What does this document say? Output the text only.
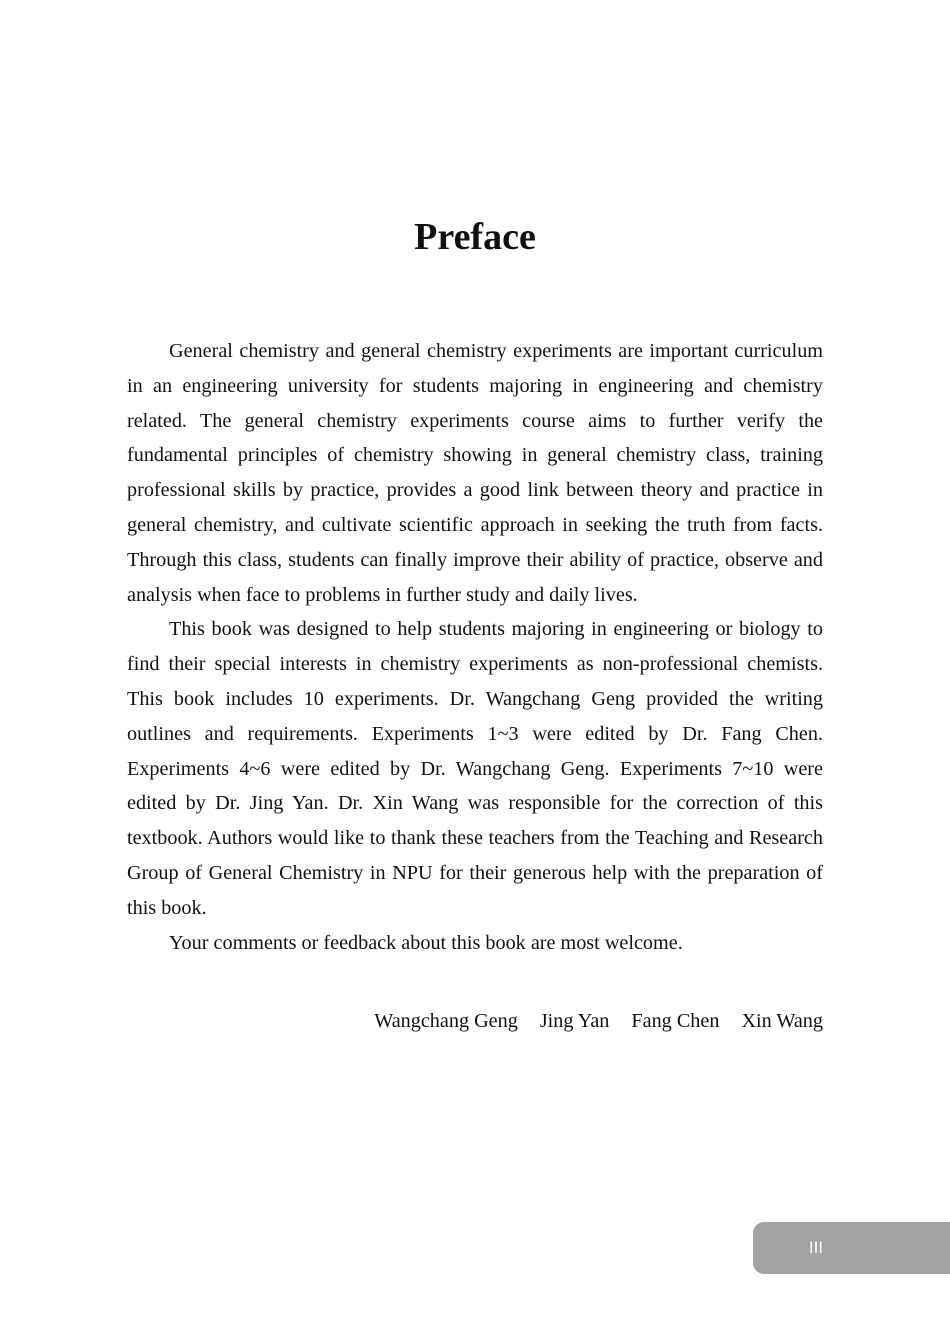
Preface

General chemistry and general chemistry experiments are important curriculum in an engineering university for students majoring in engineering and chemistry related. The general chemistry experiments course aims to further verify the fundamental principles of chemistry showing in general chemistry class, training professional skills by practice, provides a good link between theory and practice in general chemistry, and cultivate scientific approach in seeking the truth from facts. Through this class, students can finally improve their ability of practice, observe and analysis when face to problems in further study and daily lives.

This book was designed to help students majoring in engineering or biology to find their special interests in chemistry experiments as non-professional chemists. This book includes 10 experiments. Dr. Wangchang Geng provided the writing outlines and requirements. Experiments 1~3 were edited by Dr. Fang Chen. Experiments 4~6 were edited by Dr. Wangchang Geng. Experiments 7~10 were edited by Dr. Jing Yan. Dr. Xin Wang was responsible for the correction of this textbook. Authors would like to thank these teachers from the Teaching and Research Group of General Chemistry in NPU for their generous help with the preparation of this book.

Your comments or feedback about this book are most welcome.

Wangchang Geng Jing Yan Fang Chen Xin Wang
III
